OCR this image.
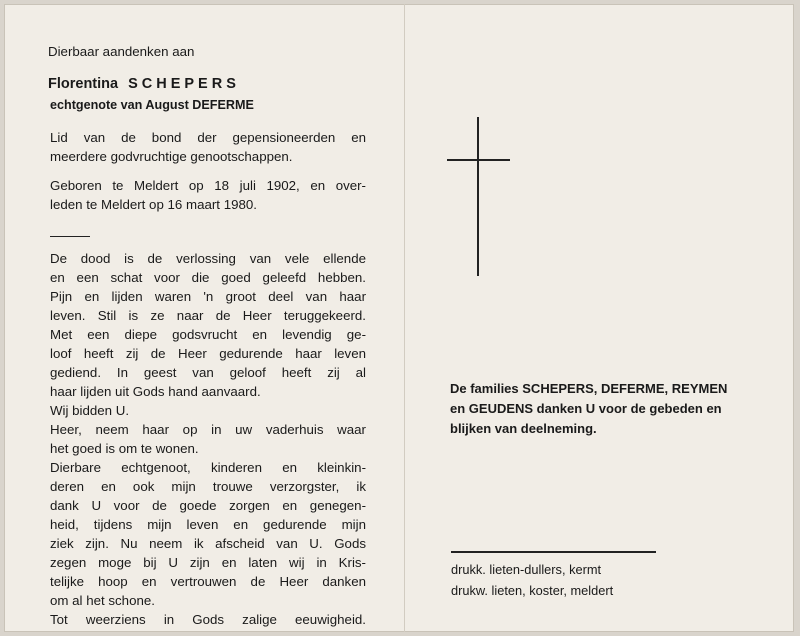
Dierbaar aandenken aan
Florentina SCHEPERS
echtgenote van August DEFERME
Lid van de bond der gepensioneerden en
meerdere godvruchtige genootschappen.
Geboren te Meldert op 18 juli 1902, en over-
leden te Meldert op 16 maart 1980.

De dood is de verlossing van vele ellende

en een schat voor die goed geleefd hebben.

Pijn en lijden waren 'n groot deel van haar

leven. Stil is ze naar de Heer teruggekeerd.

Met een diepe godsvrucht en levendig ge-

loof heeft zij de Heer gedurende haar leven

gediend. In geest van geloof heeft zij al

haar lijden uit Gods hand aanvaard.

Wij bidden U.

Heer, neem haar op in uw vaderhuis waar

het goed is om te wonen.

Dierbare echtgenoot, kinderen en kleinkin-

deren en ook mijn trouwe verzorgster, ik

dank U voor de goede zorgen en genegen-

heid, tijdens mijn leven en gedurende mijn

ziek zijn. Nu neem ik afscheid van U. Gods

zegen moge bij U zijn en laten wij in Kris-

telijke hoop en vertrouwen de Heer danken

om al het schone.

Tot weerziens in Gods zalige eeuwigheid.

De families SCHEPERS, DEFERME, REYMEN
en GEUDENS danken U voor de gebeden en
blijken van deelneming.

drukk. lieten-dullers, kermt

drukw. lieten, koster, meldert
